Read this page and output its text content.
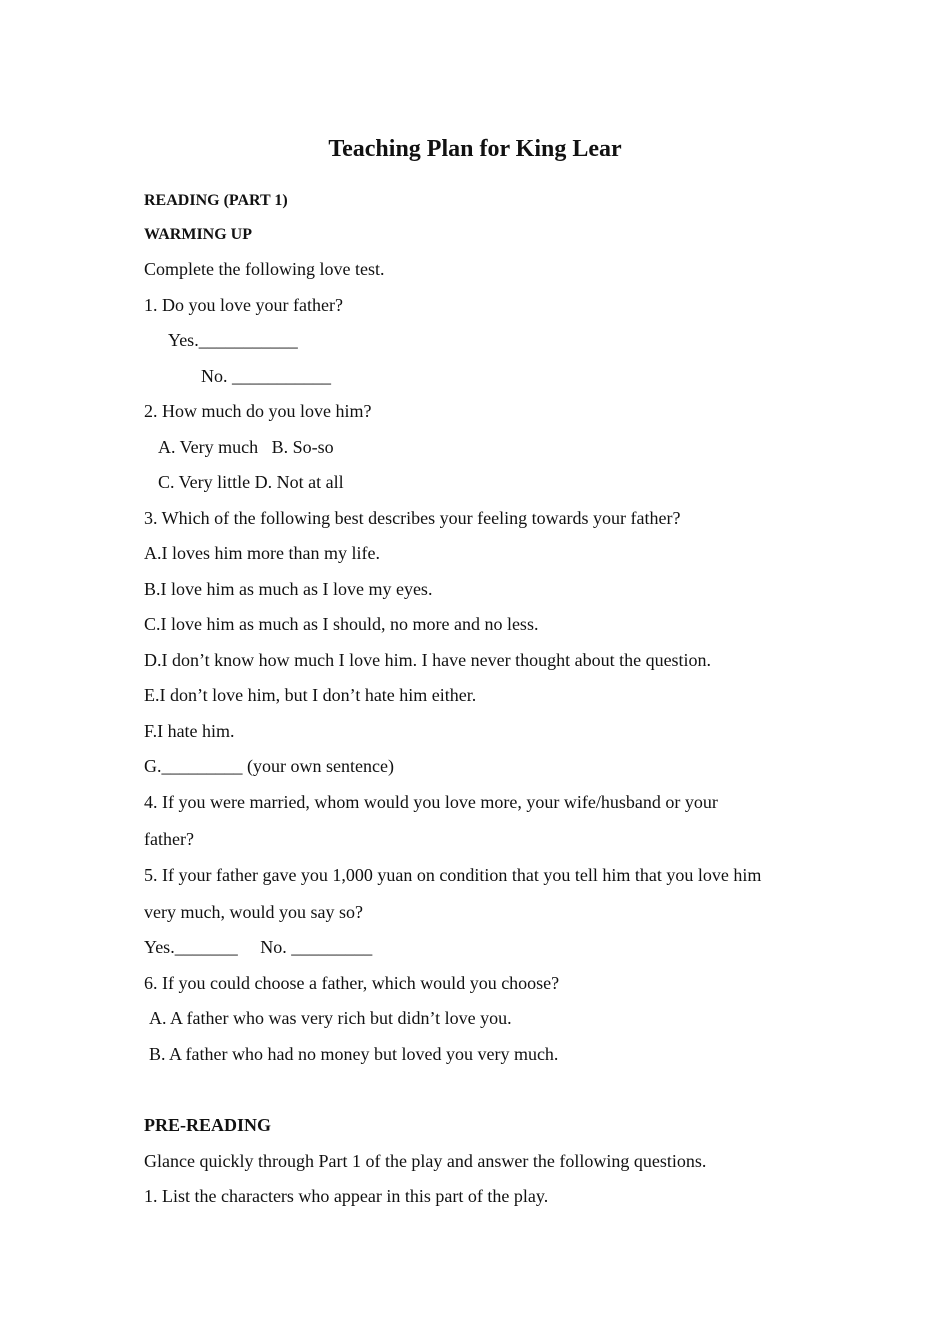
Teaching Plan for King Lear
READING (PART 1)
WARMING UP
Complete the following love test.
1. Do you love your father?
Yes.___________
No. ___________
2. How much do you love him?
A. Very much   B. So-so
C. Very little D. Not at all
3. Which of the following best describes your feeling towards your father?
A.I loves him more than my life.
B.I love him as much as I love my eyes.
C.I love him as much as I should, no more and no less.
D.I don’t know how much I love him. I have never thought about the question.
E.I don’t love him, but I don’t hate him either.
F.I hate him.
G._________ (your own sentence)
4. If you were married, whom would you love more, your wife/husband or your
father?
5. If your father gave you 1,000 yuan on condition that you tell him that you love him
very much, would you say so?
Yes._______     No. _________
6. If you could choose a father, which would you choose?
A. A father who was very rich but didn’t love you.
B. A father who had no money but loved you very much.
PRE-READING
Glance quickly through Part 1 of the play and answer the following questions.
1. List the characters who appear in this part of the play.
